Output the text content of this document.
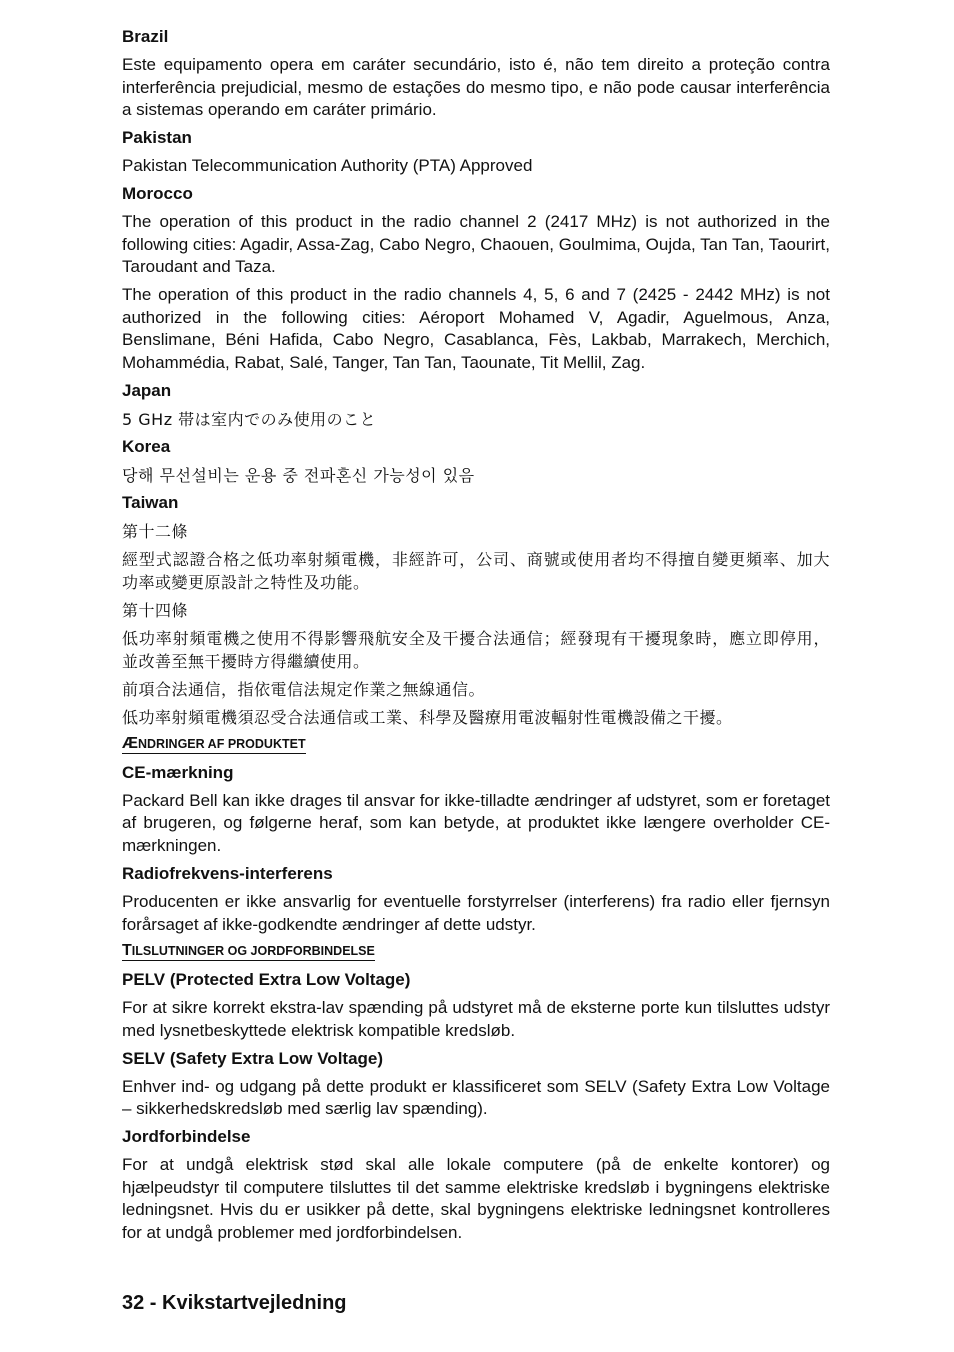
Brazil
Este equipamento opera em caráter secundário, isto é, não tem direito a proteção contra interferência prejudicial, mesmo de estações do mesmo tipo, e não pode causar interferência a sistemas operando em caráter primário.
Pakistan
Pakistan Telecommunication Authority (PTA) Approved
Morocco
The operation of this product in the radio channel 2 (2417 MHz) is not authorized in the following cities: Agadir, Assa-Zag, Cabo Negro, Chaouen, Goulmima, Oujda, Tan Tan, Taourirt, Taroudant and Taza.
The operation of this product in the radio channels 4, 5, 6 and 7 (2425 - 2442 MHz) is not authorized in the following cities: Aéroport Mohamed V, Agadir, Aguelmous, Anza, Benslimane, Béni Hafida, Cabo Negro, Casablanca, Fès, Lakbab, Marrakech, Merchich, Mohammédia, Rabat, Salé, Tanger, Tan Tan, Taounate, Tit Mellil, Zag.
Japan
5 GHz 帯は室内でのみ使用のこと
Korea
당해 무선설비는 운용 중 전파혼신 가능성이 있음
Taiwan
第十二條
經型式認證合格之低功率射頻電機，非經許可，公司、商號或使用者均不得擅自變更頻率、加大功率或變更原設計之特性及功能。
第十四條
低功率射頻電機之使用不得影響飛航安全及干擾合法通信；經發現有干擾現象時，應立即停用，並改善至無干擾時方得繼續使用。
前項合法通信，指依電信法規定作業之無線通信。
低功率射頻電機須忍受合法通信或工業、科學及醫療用電波輻射性電機設備之干擾。
ÆNDRINGER AF PRODUKTET
CE-mærkning
Packard Bell kan ikke drages til ansvar for ikke-tilladte ændringer af udstyret, som er foretaget af brugeren, og følgerne heraf, som kan betyde, at produktet ikke længere overholder CE-mærkningen.
Radiofrekvens-interferens
Producenten er ikke ansvarlig for eventuelle forstyrrelser (interferens) fra radio eller fjernsyn forårsaget af ikke-godkendte ændringer af dette udstyr.
TILSLUTNINGER OG JORDFORBINDELSE
PELV (Protected Extra Low Voltage)
For at sikre korrekt ekstra-lav spænding på udstyret må de eksterne porte kun tilsluttes udstyr med lysnetbeskyttede elektrisk kompatible kredsløb.
SELV (Safety Extra Low Voltage)
Enhver ind- og udgang på dette produkt er klassificeret som SELV (Safety Extra Low Voltage – sikkerhedskredsløb med særlig lav spænding).
Jordforbindelse
For at undgå elektrisk stød skal alle lokale computere (på de enkelte kontorer) og hjælpeudstyr til computere tilsluttes til det samme elektriske kredsløb i bygningens elektriske ledningsnet. Hvis du er usikker på dette, skal bygningens elektriske ledningsnet kontrolleres for at undgå problemer med jordforbindelsen.
32 - Kvikstartvejledning
